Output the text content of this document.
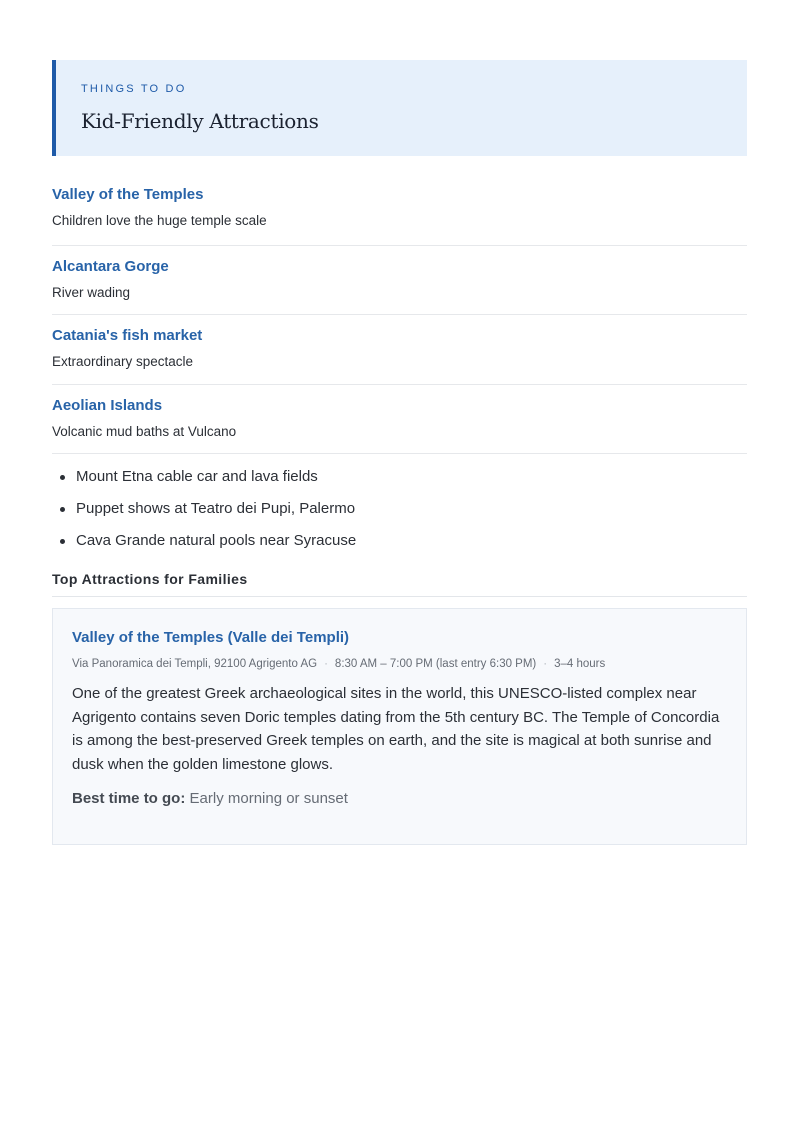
THINGS TO DO
Kid-Friendly Attractions
Valley of the Temples
Children love the huge temple scale
Alcantara Gorge
River wading
Catania's fish market
Extraordinary spectacle
Aeolian Islands
Volcanic mud baths at Vulcano
Mount Etna cable car and lava fields
Puppet shows at Teatro dei Pupi, Palermo
Cava Grande natural pools near Syracuse
Top Attractions for Families
Valley of the Temples (Valle dei Templi)
Via Panoramica dei Templi, 92100 Agrigento AG · 8:30 AM – 7:00 PM (last entry 6:30 PM) · 3–4 hours
One of the greatest Greek archaeological sites in the world, this UNESCO-listed complex near Agrigento contains seven Doric temples dating from the 5th century BC. The Temple of Concordia is among the best-preserved Greek temples on earth, and the site is magical at both sunrise and dusk when the golden limestone glows.
Best time to go: Early morning or sunset
